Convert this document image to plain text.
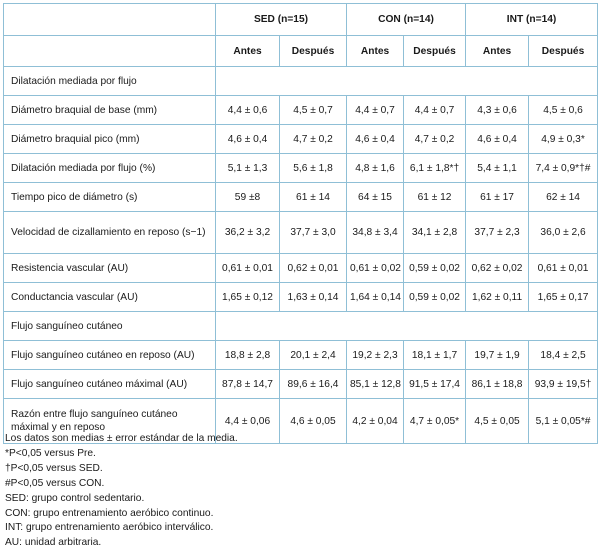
	SED (n=15)		CON (n=14)		INT (n=14)	
	Antes	Después	Antes	Después	Antes	Después
Dilatación mediada por flujo						
Diámetro braquial de base (mm)	4,4 ± 0,6	4,5 ± 0,7	4,4 ± 0,7	4,4 ± 0,7	4,3 ± 0,6	4,5 ± 0,6
Diámetro braquial pico (mm)	4,6 ± 0,4	4,7 ± 0,2	4,6 ± 0,4	4,7 ± 0,2	4,6 ± 0,4	4,9 ± 0,3*
Dilatación mediada por flujo (%)	5,1 ± 1,3	5,6 ± 1,8	4,8 ± 1,6	6,1 ± 1,8*†	5,4 ± 1,1	7,4 ± 0,9*†#
Tiempo pico de diámetro (s)	59 ±8	61 ± 14	64 ± 15	61 ± 12	61 ± 17	62 ± 14
Velocidad de cizallamiento en reposo (s−1)	36,2 ± 3,2	37,7 ± 3,0	34,8 ± 3,4	34,1 ± 2,8	37,7 ± 2,3	36,0 ± 2,6
Resistencia vascular (AU)	0,61 ± 0,01	0,62 ± 0,01	0,61 ± 0,02	0,59 ± 0,02	0,62 ± 0,02	0,61 ± 0,01
Conductancia vascular (AU)	1,65 ± 0,12	1,63 ± 0,14	1,64 ± 0,14	0,59 ± 0,02	1,62 ± 0,11	1,65 ± 0,17
Flujo sanguíneo cutáneo						
Flujo sanguíneo cutáneo en reposo (AU)	18,8 ± 2,8	20,1 ± 2,4	19,2 ± 2,3	18,1 ± 1,7	19,7 ± 1,9	18,4 ± 2,5
Flujo sanguíneo cutáneo máximal (AU)	87,8 ± 14,7	89,6 ± 16,4	85,1 ± 12,8	91,5 ± 17,4	86,1 ± 18,8	93,9 ± 19,5†
Razón entre flujo sanguíneo cutáneo máximal y en reposo	4,4 ± 0,06	4,6 ± 0,05	4,2 ± 0,04	4,7 ± 0,05*	4,5 ± 0,05	5,1 ± 0,05*#
Los datos son medias ± error estándar de la media.
*P<0,05 versus Pre.
†P<0,05 versus SED.
#P<0,05 versus CON.
SED: grupo control sedentario.
CON: grupo entrenamiento aeróbico continuo.
INT: grupo entrenamiento aeróbico interválico.
AU: unidad arbitraria.
